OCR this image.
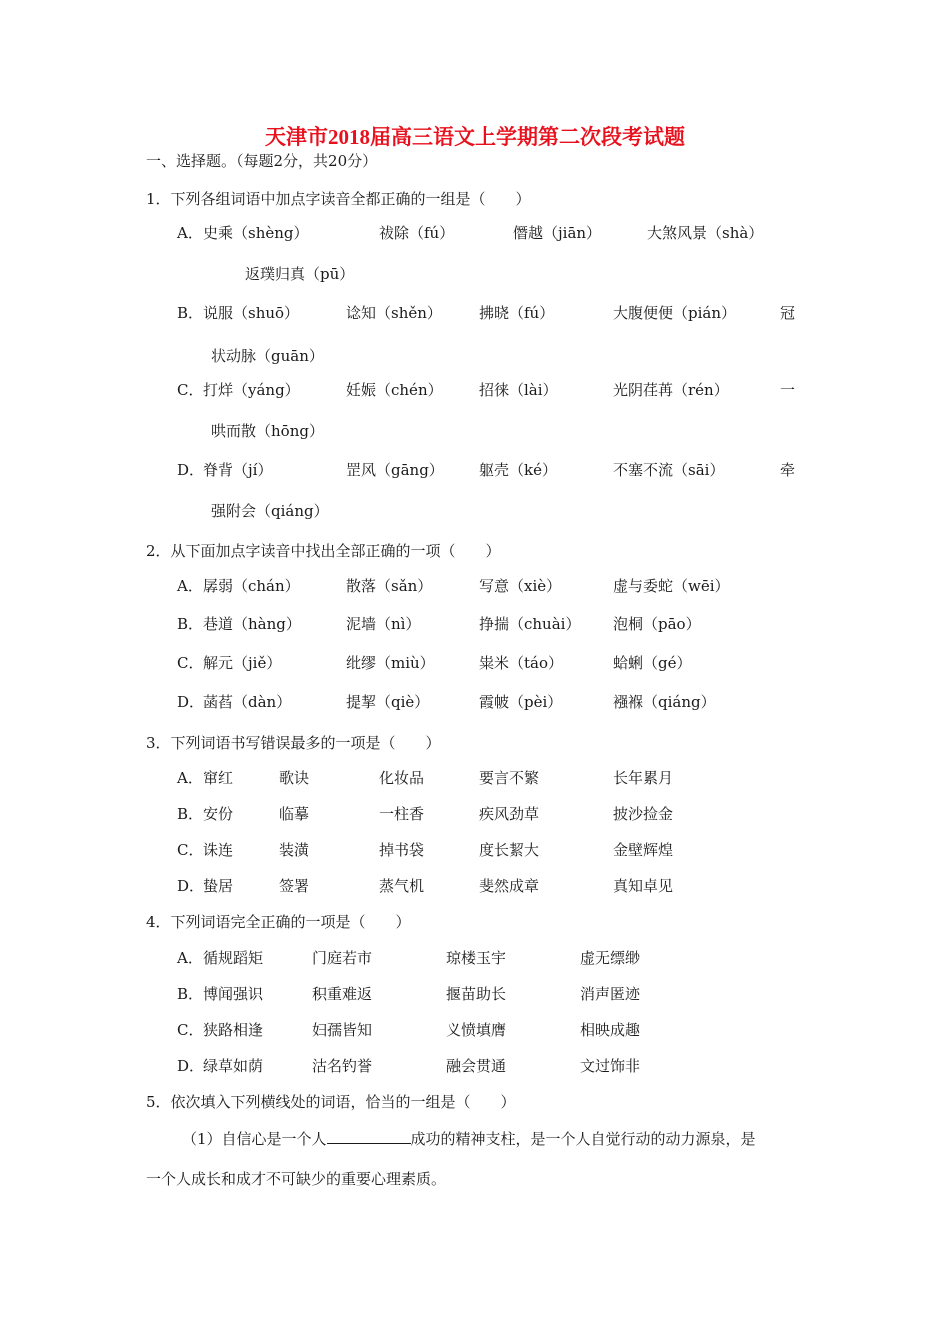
天津市2018届高三语文上学期第二次段考试题
一、选择题。（每题2分，共20分）
1．下列各组词语中加点字读音全都正确的一组是（　　）
A． 史乘（shèng）	祓除（fú）	僭越（jiān）	大煞风景（shà）
返璞归真（pū）
B． 说服（shuō）	谂知（shěn） 拂晓（fú）	大腹便便（pián）	冠
状动脉（guān）
C． 打烊（yáng）	妊娠（chén） 招徕（lài）	光阴荏苒（rén）	一
哄而散（hōng）
D．
脊背（jí）	罡风（gāng） 躯壳（ké）	不塞不流（sāi）	牵
强附会（qiáng）
2．从下面加点字读音中找出全部正确的一项（　　）
A． 孱弱（chán）	散落（sǎn）	写意（xiè）	虚与委蛇（wēi）
B． 巷道（hàng）	泥墙（nì）	挣揣（chuài） 泡桐（pāo）
C． 解元（jiě）	纰缪（miù）	粜米（táo）	蛤蜊（gé）
D．
菡萏（dàn）	提挈（qiè）	霞帔（pèi）	襁褓（qiáng）
3．下列词语书写错误最多的一项是（　　）
A． 窜红	歌诀	化妆品	要言不繁	长年累月
B． 安份	临摹	一柱香	疾风劲草	披沙捡金
C． 诛连	装潢	掉书袋	度长絜大	金壁辉煌
D．
蛰居	签署	蒸气机	斐然成章	真知卓见
4．下列词语完全正确的一项是（　　）
A． 循规蹈矩	门庭若市	琼楼玉宇	虚无缥缈
B． 博闻强识	积重难返	揠苗助长	消声匿迹
C． 狭路相逢	妇孺皆知	义愤填膺	相映成趣
D．
绿草如荫	沽名钓誉	融会贯通	文过饰非
5．依次填入下列横线处的词语，恰当的一组是（　　）
（1）自信心是一个人	成功的精神支柱，是一个人自觉行动的动力源泉，是
一个人成长和成才不可缺少的重要心理素质。
